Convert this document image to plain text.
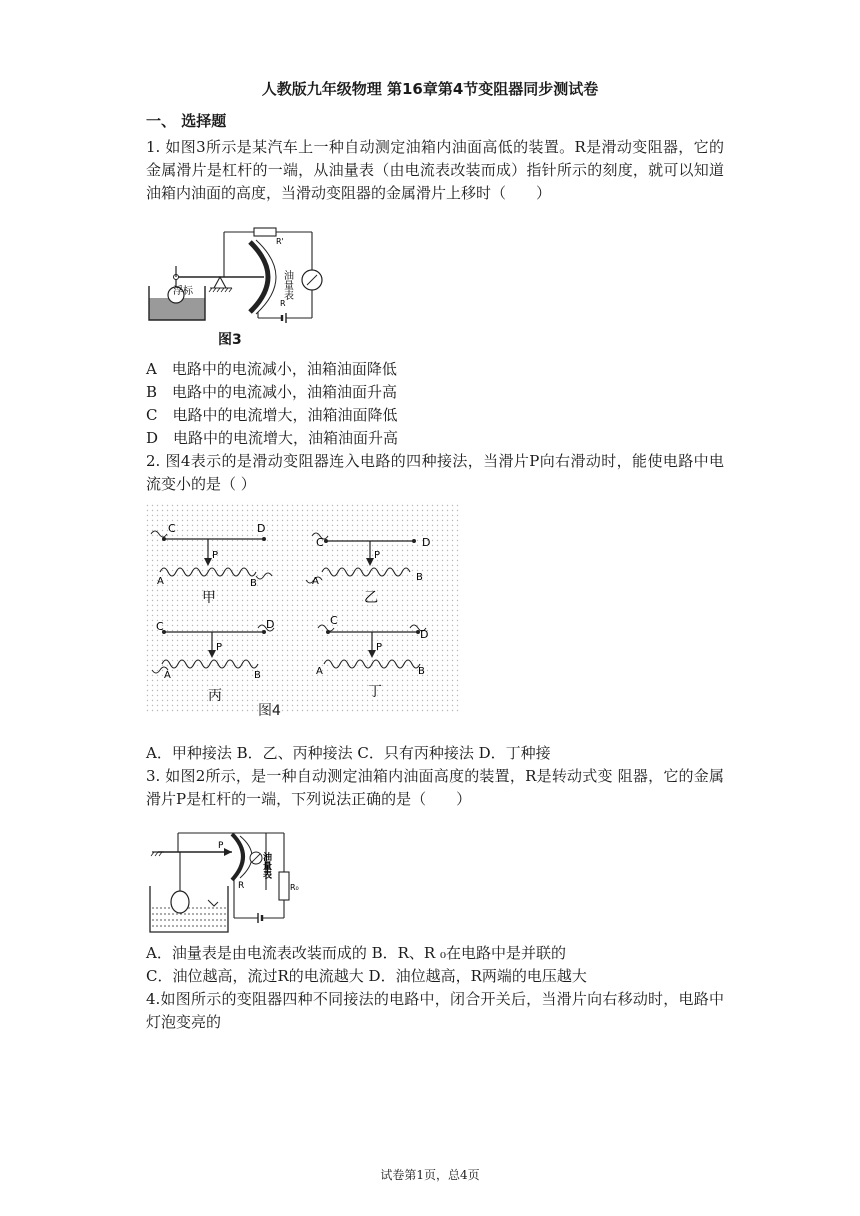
人教版九年级物理 第16章第4节变阻器同步测试卷
一、 选择题
1. 如图3所示是某汽车上一种自动测定油箱内油面高低的装置。R是滑动变阻器，它的金属滑片是杠杆的一端，从油量表（由电流表改装而成）指针所示的刻度，就可以知道油箱内油面的高度，当滑动变阻器的金属滑片上移时（　　）
浮标
R'
R
油量表
图3
A　电路中的电流减小，油箱油面降低
B　电路中的电流减小，油箱油面升高
C　电路中的电流增大，油箱油面降低
D　电路中的电流增大，油箱油面升高
2. 图4表示的是滑动变阻器连入电路的四种接法，当滑片P向右滑动时，能使电路中电流变小的是（ ）
C	D
P
A	B
甲
C	D
P
A	B
乙
C	D
P
A	B
丙
C
D
P
A	B
丁
图4
A．甲种接法 B．乙、丙种接法 C．只有丙种接法 D．丁种接
3. 如图2所示，是一种自动测定油箱内油面高度的装置，R是转动式变 阻器，它的金属滑片P是杠杆的一端，下列说法正确的是（　　）
P
R
油量表
R₀
A．油量表是由电流表改装而成的 B．R、R ₀在电路中是并联的
C．油位越高，流过R的电流越大 D．油位越高，R两端的电压越大
4.如图所示的变阻器四种不同接法的电路中，闭合开关后，当滑片向右移动时，电路中灯泡变亮的
试卷第1页，总4页
